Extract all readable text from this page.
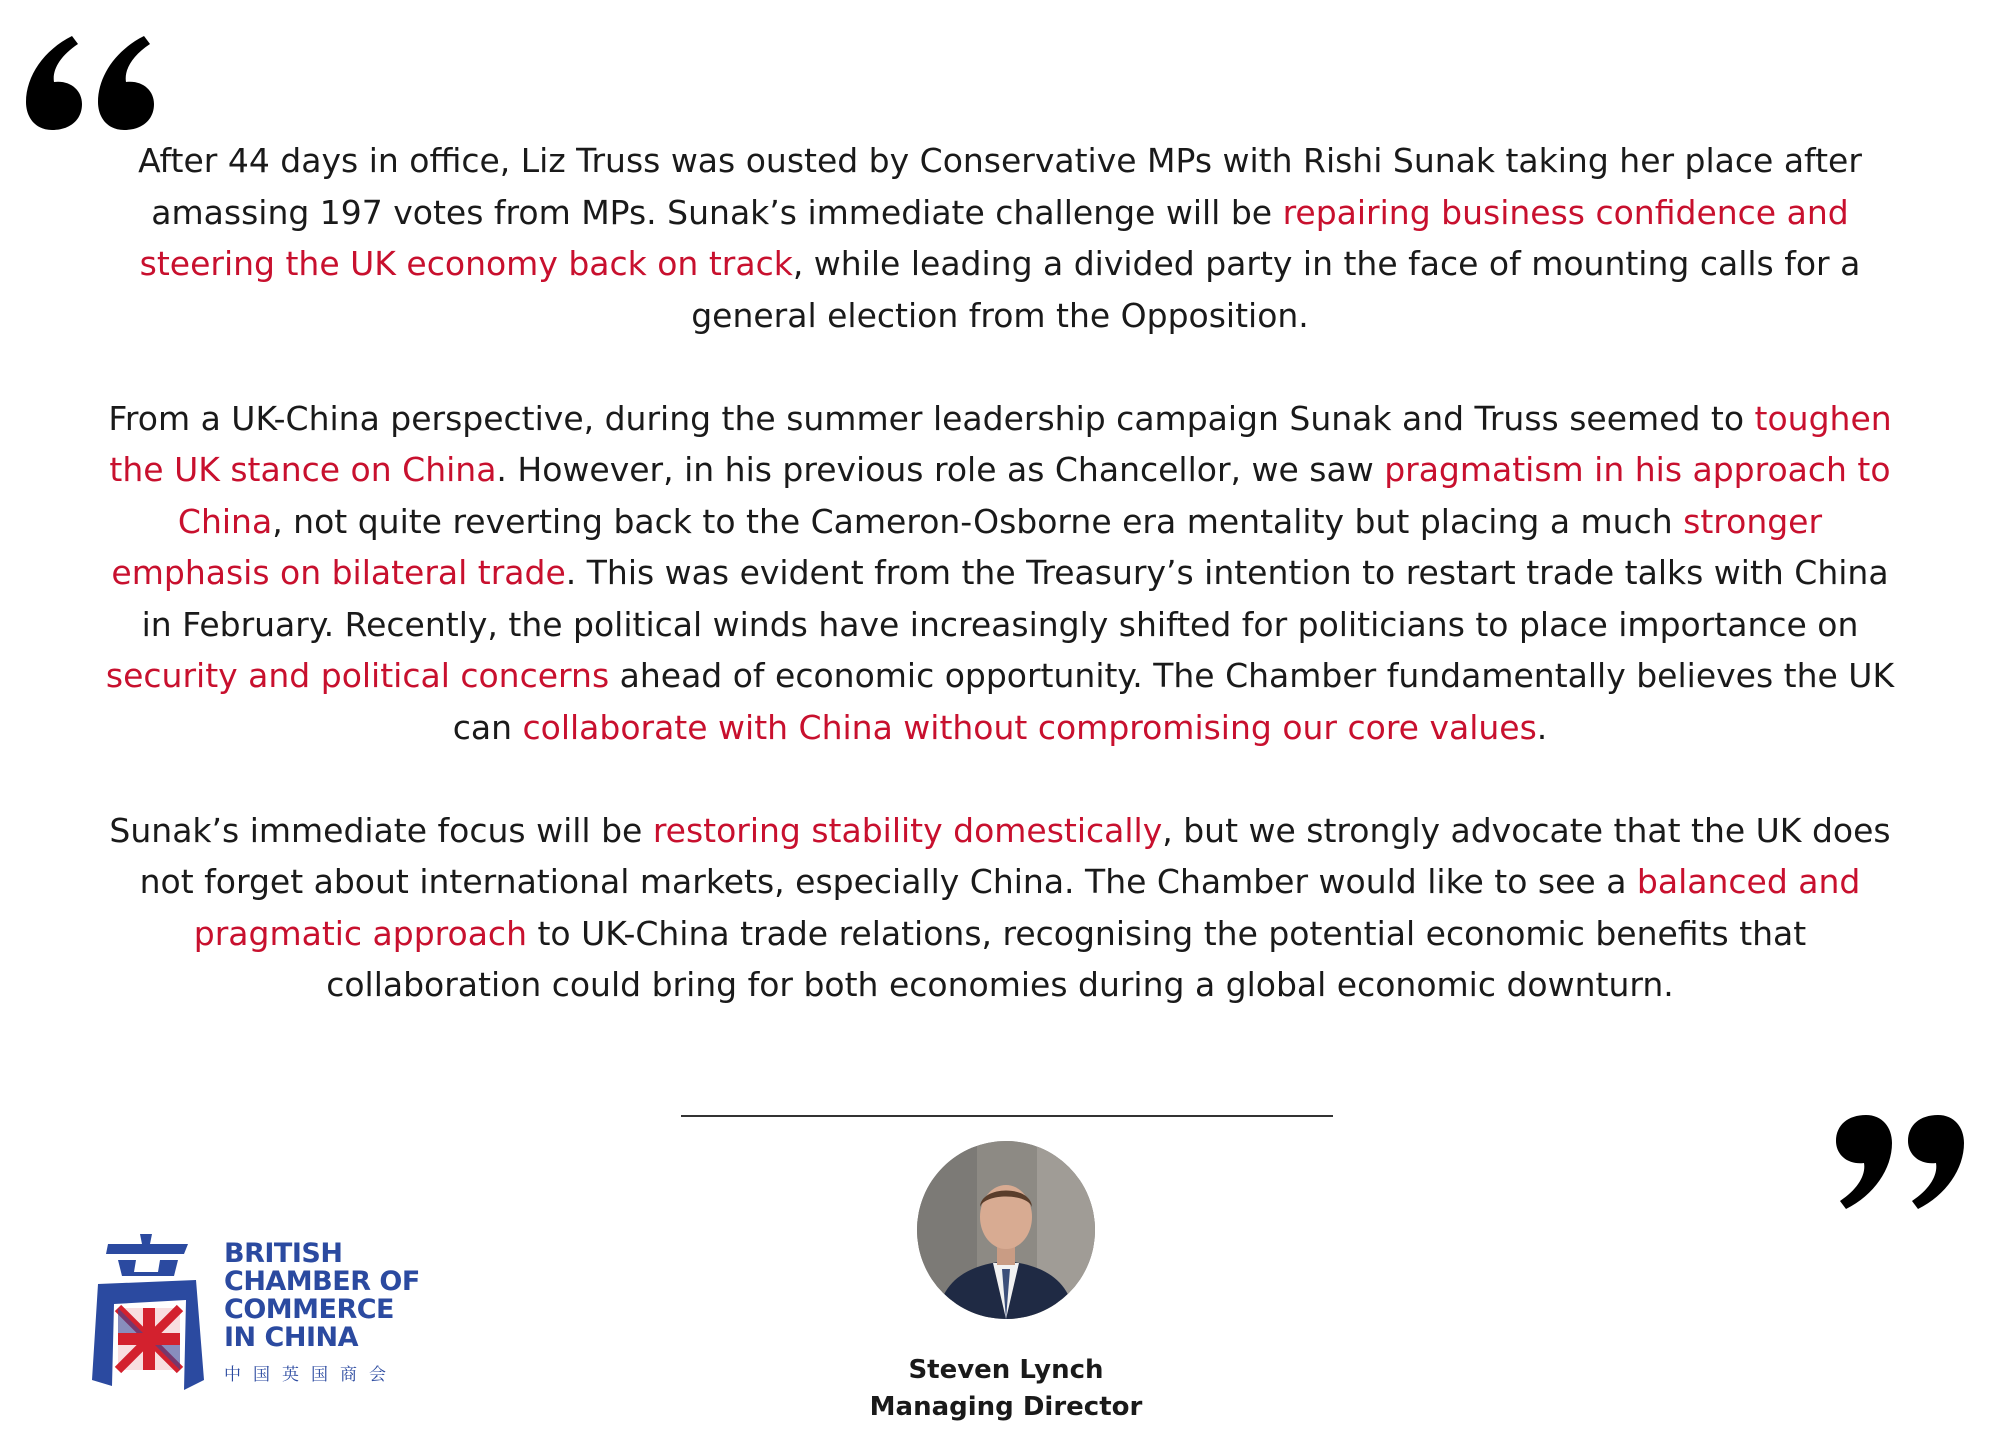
After 44 days in office, Liz Truss was ousted by Conservative MPs with Rishi Sunak taking her place after amassing 197 votes from MPs. Sunak’s immediate challenge will be repairing business confidence and steering the UK economy back on track, while leading a divided party in the face of mounting calls for a general election from the Opposition.

From a UK-China perspective, during the summer leadership campaign Sunak and Truss seemed to toughen the UK stance on China. However, in his previous role as Chancellor, we saw pragmatism in his approach to China, not quite reverting back to the Cameron-Osborne era mentality but placing a much stronger emphasis on bilateral trade. This was evident from the Treasury’s intention to restart trade talks with China in February. Recently, the political winds have increasingly shifted for politicians to place importance on security and political concerns ahead of economic opportunity. The Chamber fundamentally believes the UK can collaborate with China without compromising our core values.

Sunak’s immediate focus will be restoring stability domestically, but we strongly advocate that the UK does not forget about international markets, especially China. The Chamber would like to see a balanced and pragmatic approach to UK-China trade relations, recognising the potential economic benefits that collaboration could bring for both economies during a global economic downturn.

Steven Lynch
Managing Director
BRITISH
CHAMBER OF
COMMERCE
IN CHINA
中国英国商会
